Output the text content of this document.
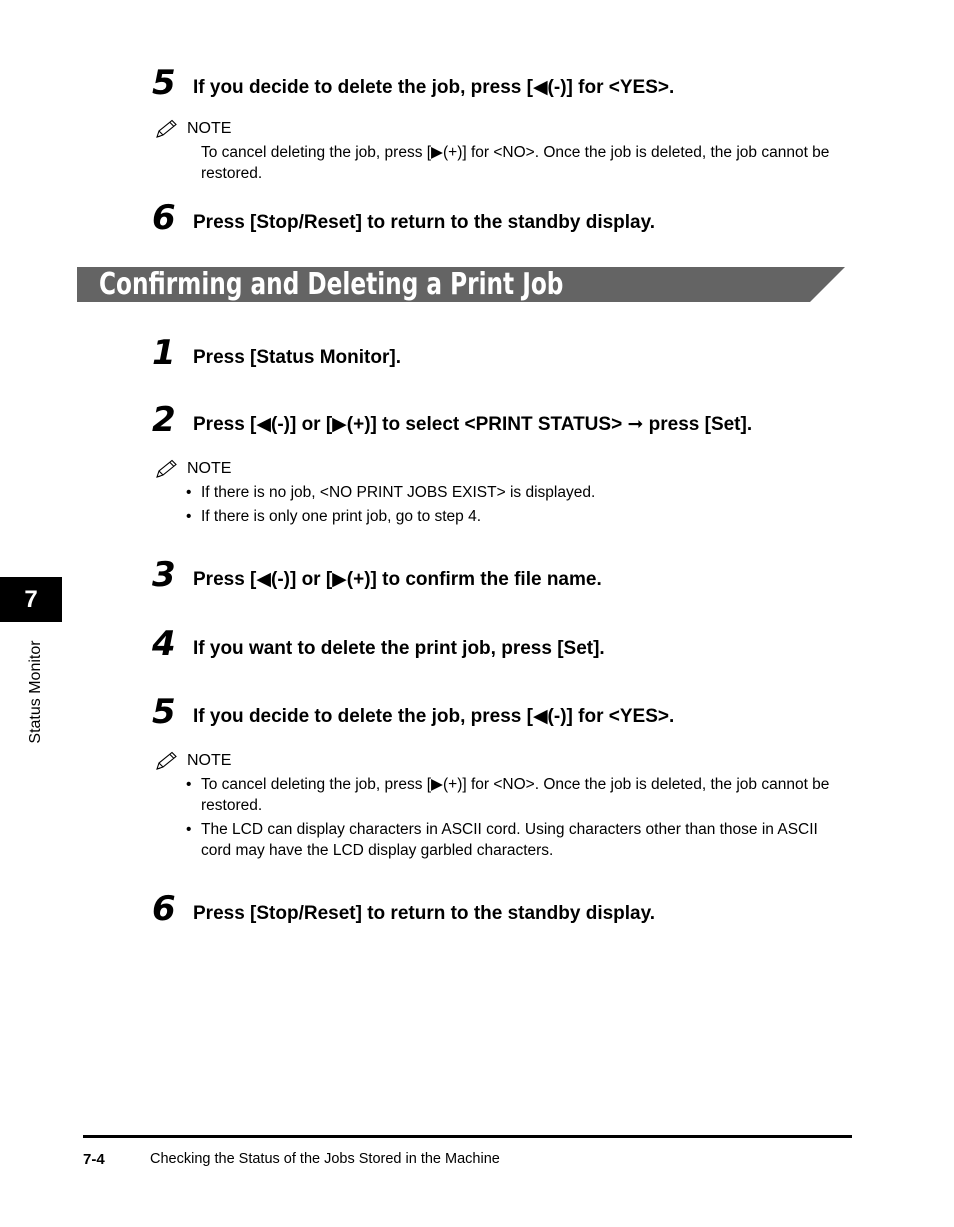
5 If you decide to delete the job, press [◀(-)] for <YES>.
NOTE
To cancel deleting the job, press [▶(+)] for <NO>. Once the job is deleted, the job cannot be restored.
6 Press [Stop/Reset] to return to the standby display.
Confirming and Deleting a Print Job
1 Press [Status Monitor].
2 Press [◀(-)] or [▶(+)] to select <PRINT STATUS> ➞ press [Set].
NOTE
• If there is no job, <NO PRINT JOBS EXIST> is displayed.
• If there is only one print job, go to step 4.
3 Press [◀(-)] or [▶(+)] to confirm the file name.
4 If you want to delete the print job, press [Set].
5 If you decide to delete the job, press [◀(-)] for <YES>.
NOTE
• To cancel deleting the job, press [▶(+)] for <NO>. Once the job is deleted, the job cannot be restored.
• The LCD can display characters in ASCII cord. Using characters other than those in ASCII cord may have the LCD display garbled characters.
6 Press [Stop/Reset] to return to the standby display.
7
Status Monitor
7-4	Checking the Status of the Jobs Stored in the Machine
